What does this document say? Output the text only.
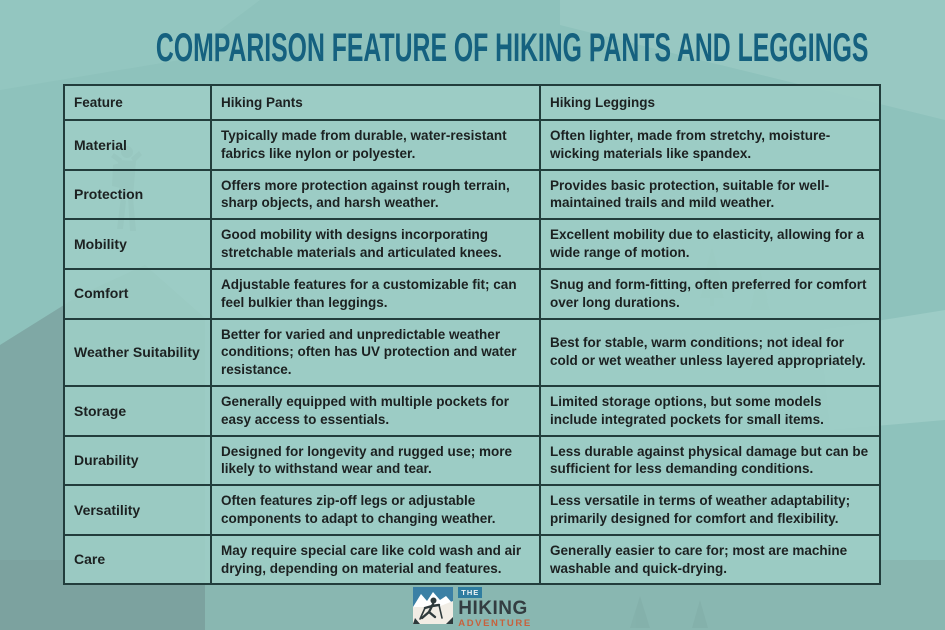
COMPARISON FEATURE OF HIKING PANTS AND LEGGINGS
Feature	Hiking Pants	Hiking Leggings
Material	Typically made from durable, water-resistant fabrics like nylon or polyester.	Often lighter, made from stretchy, moisture-wicking materials like spandex.
Protection	Offers more protection against rough terrain, sharp objects, and harsh weather.	Provides basic protection, suitable for well-maintained trails and mild weather.
Mobility	Good mobility with designs incorporating stretchable materials and articulated knees.	Excellent mobility due to elasticity, allowing for a wide range of motion.
Comfort	Adjustable features for a customizable fit; can feel bulkier than leggings.	Snug and form-fitting, often preferred for comfort over long durations.
Weather Suitability	Better for varied and unpredictable weather conditions; often has UV protection and water resistance.	Best for stable, warm conditions; not ideal for cold or wet weather unless layered appropriately.
Storage	Generally equipped with multiple pockets for easy access to essentials.	Limited storage options, but some models include integrated pockets for small items.
Durability	Designed for longevity and rugged use; more likely to withstand wear and tear.	Less durable against physical damage but can be sufficient for less demanding conditions.
Versatility	Often features zip-off legs or adjustable components to adapt to changing weather.	Less versatile in terms of weather adaptability; primarily designed for comfort and flexibility.
Care	May require special care like cold wash and air drying, depending on material and features.	Generally easier to care for; most are machine washable and quick-drying.
THE
HIKING
ADVENTURE
